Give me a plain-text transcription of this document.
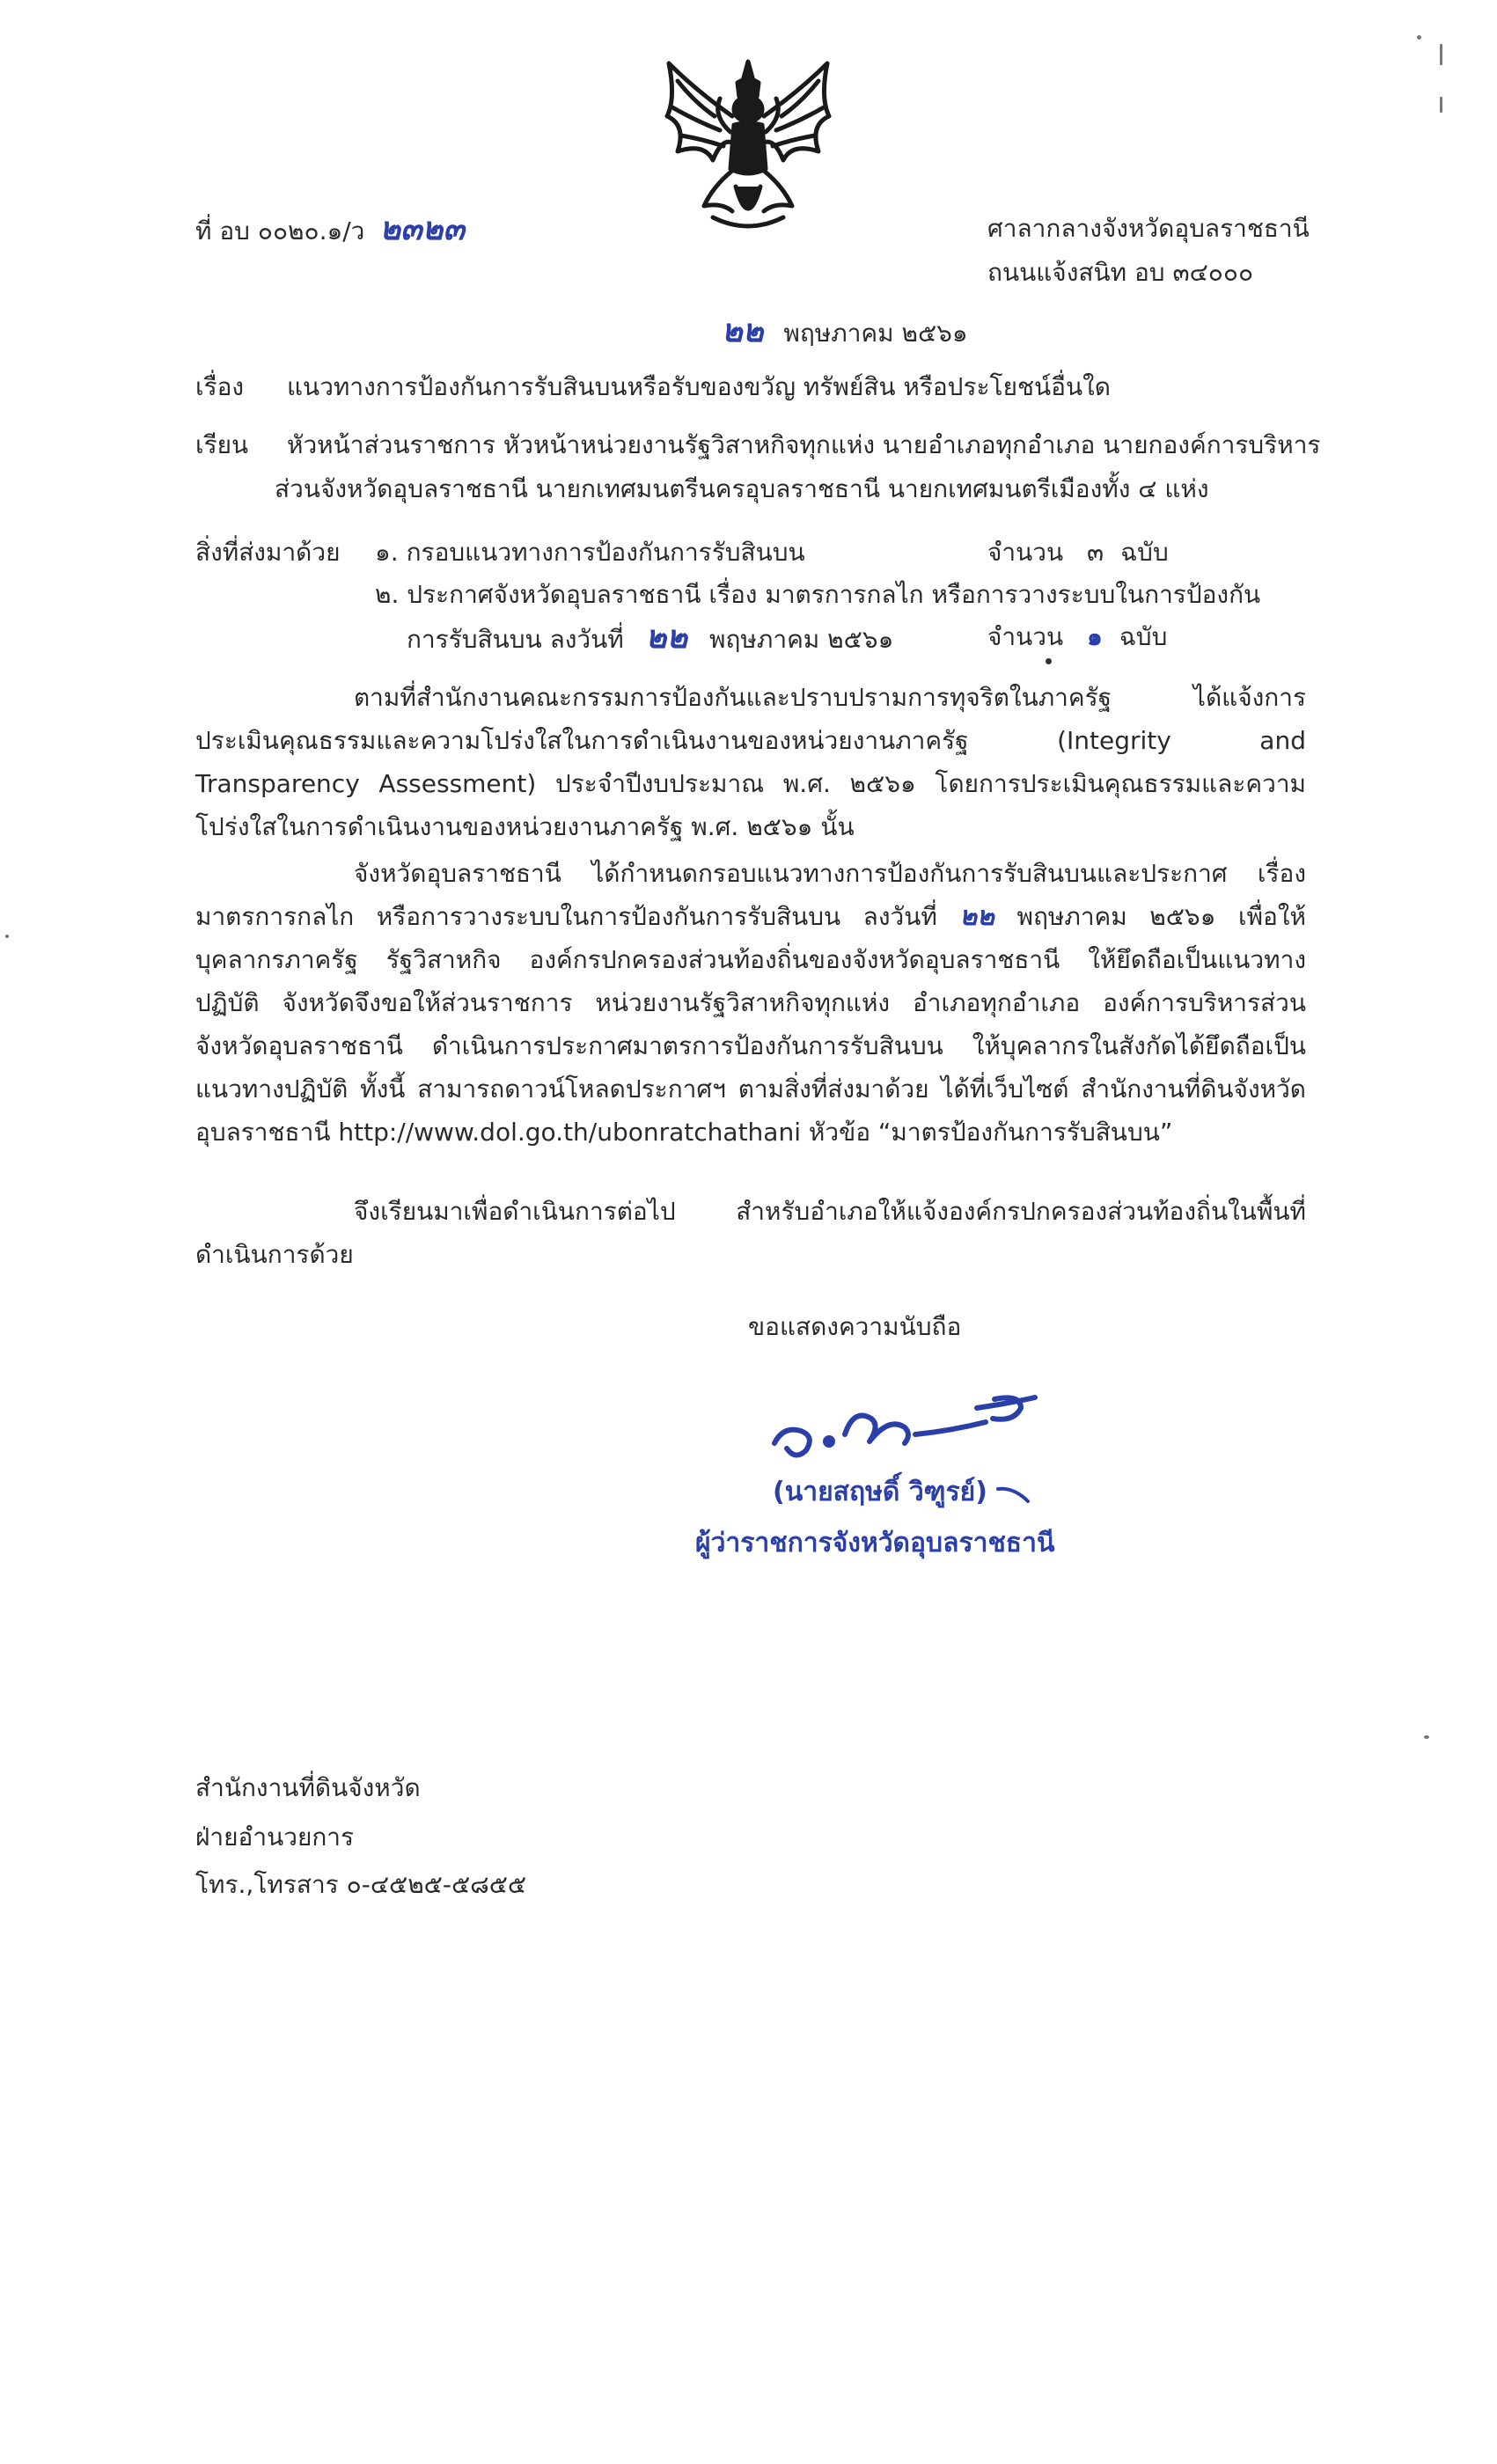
ที่ อบ ๐๐๒๐.๑/ว ๒๓๒๓	ศาลากลางจังหวัดอุบลราชธานี
ถนนแจ้งสนิท อบ ๓๔๐๐๐
๒๒ พฤษภาคม ๒๕๖๑
เรื่อง แนวทางการป้องกันการรับสินบนหรือรับของขวัญ ทรัพย์สิน หรือประโยชน์อื่นใด
เรียน หัวหน้าส่วนราชการ หัวหน้าหน่วยงานรัฐวิสาหกิจทุกแห่ง นายอำเภอทุกอำเภอ นายกองค์การบริหาร
ส่วนจังหวัดอุบลราชธานี นายกเทศมนตรีนครอุบลราชธานี นายกเทศมนตรีเมืองทั้ง ๔ แห่ง
สิ่งที่ส่งมาด้วย ๑. กรอบแนวทางการป้องกันการรับสินบน	จำนวน ๓ ฉบับ
๒. ประกาศจังหวัดอุบลราชธานี เรื่อง มาตรการกลไก หรือการวางระบบในการป้องกัน
การรับสินบน ลงวันที่ ๒๒ พฤษภาคม ๒๕๖๑	จำนวน ๑ ฉบับ
ตามที่สำนักงานคณะกรรมการป้องกันและปราบปรามการทุจริตในภาครัฐ ได้แจ้งการประเมินคุณธรรมและความโปร่งใสในการดำเนินงานของหน่วยงานภาครัฐ (Integrity and Transparency Assessment) ประจำปีงบประมาณ พ.ศ. ๒๕๖๑ โดยการประเมินคุณธรรมและความโปร่งใสในการดำเนินงานของหน่วยงานภาครัฐ พ.ศ. ๒๕๖๑ นั้น
จังหวัดอุบลราชธานี ได้กำหนดกรอบแนวทางการป้องกันการรับสินบนและประกาศ เรื่อง มาตรการกลไก หรือการวางระบบในการป้องกันการรับสินบน ลงวันที่ ๒๒ พฤษภาคม ๒๕๖๑ เพื่อให้บุคลากรภาครัฐ รัฐวิสาหกิจ องค์กรปกครองส่วนท้องถิ่นของจังหวัดอุบลราชธานี ให้ยึดถือเป็นแนวทางปฏิบัติ จังหวัดจึงขอให้ส่วนราชการ หน่วยงานรัฐวิสาหกิจทุกแห่ง อำเภอทุกอำเภอ องค์การบริหารส่วนจังหวัดอุบลราชธานี ดำเนินการประกาศมาตรการป้องกันการรับสินบน ให้บุคลากรในสังกัดได้ยึดถือเป็นแนวทางปฏิบัติ ทั้งนี้ สามารถดาวน์โหลดประกาศฯ ตามสิ่งที่ส่งมาด้วย ได้ที่เว็บไซต์ สำนักงานที่ดินจังหวัดอุบลราชธานี http://www.dol.go.th/ubonratchathani หัวข้อ “มาตรป้องกันการรับสินบน”
จึงเรียนมาเพื่อดำเนินการต่อไป สำหรับอำเภอให้แจ้งองค์กรปกครองส่วนท้องถิ่นในพื้นที่ดำเนินการด้วย
ขอแสดงความนับถือ
(นายสฤษดิ์ วิฑูรย์)
ผู้ว่าราชการจังหวัดอุบลราชธานี
สำนักงานที่ดินจังหวัด
ฝ่ายอำนวยการ
โทร.,โทรสาร ๐-๔๕๒๕-๕๘๕๕
